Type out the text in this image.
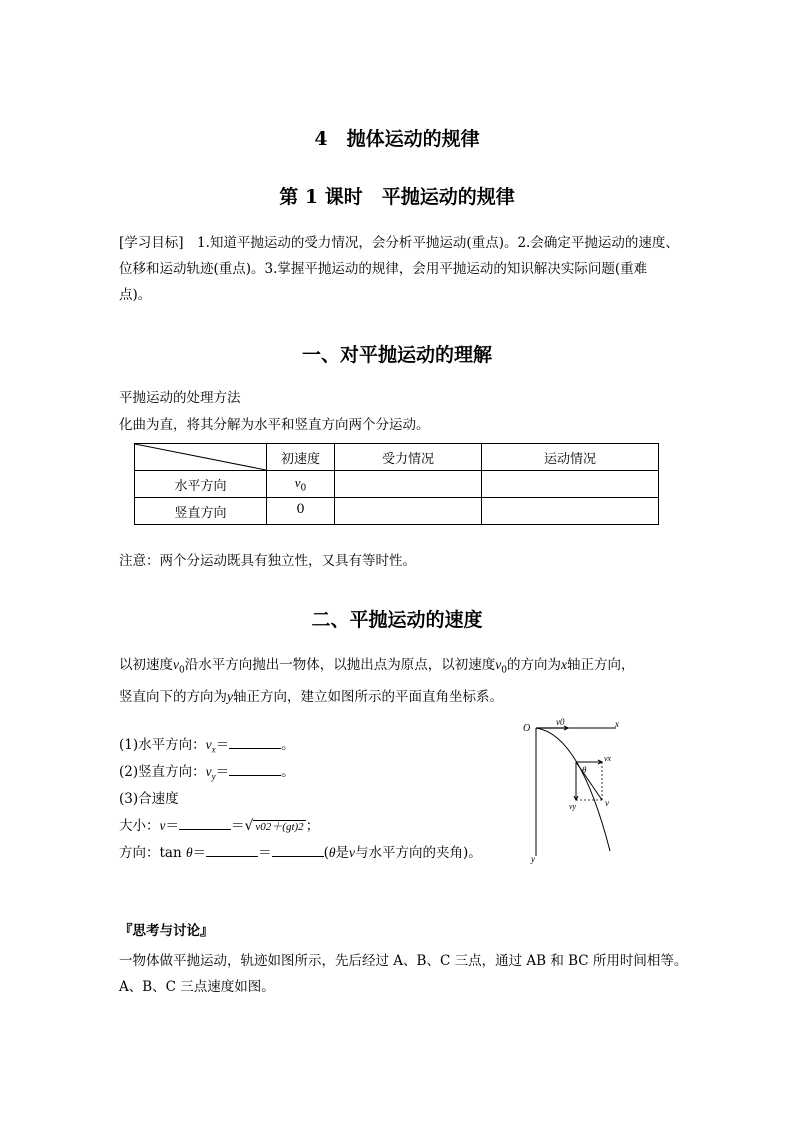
4　抛体运动的规律
第 1 课时　平抛运动的规律
[学习目标]　 1.知道平抛运动的受力情况，会分析平抛运动(重点)。2.会确定平抛运动的速度、
位移和运动轨迹(重点)。3.掌握平抛运动的规律，会用平抛运动的知识解决实际问题(重难
点)。
一、对平抛运动的理解
平抛运动的处理方法
化曲为直，将其分解为水平和竖直方向两个分运动。
	初速度	受力情况	运动情况
水平方向	$v_0$		
竖直方向	0		
注意：两个分运动既具有独立性，又具有等时性。
二、平抛运动的速度
以初速度$v_0$沿水平方向抛出一物体，以抛出点为原点，以初速度$v_0$的方向为x轴正方向，
竖直向下的方向为y轴正方向，建立如图所示的平面直角坐标系。
(1)水平方向：$v_x=$	。
(2)竖直方向：$v_y=$	。
(3)合速度
大小：v＝	＝√ v02＋(gt)2 ；
方向：tan θ＝	＝	(θ是v与水平方向的夹角)。
O	x
y
v0
vx
vy	v
θ
『思考与讨论』
一物体做平抛运动，轨迹如图所示，先后经过 A、B、C 三点，通过 AB 和 BC 所用时间相等。
A、B、C 三点速度如图。
